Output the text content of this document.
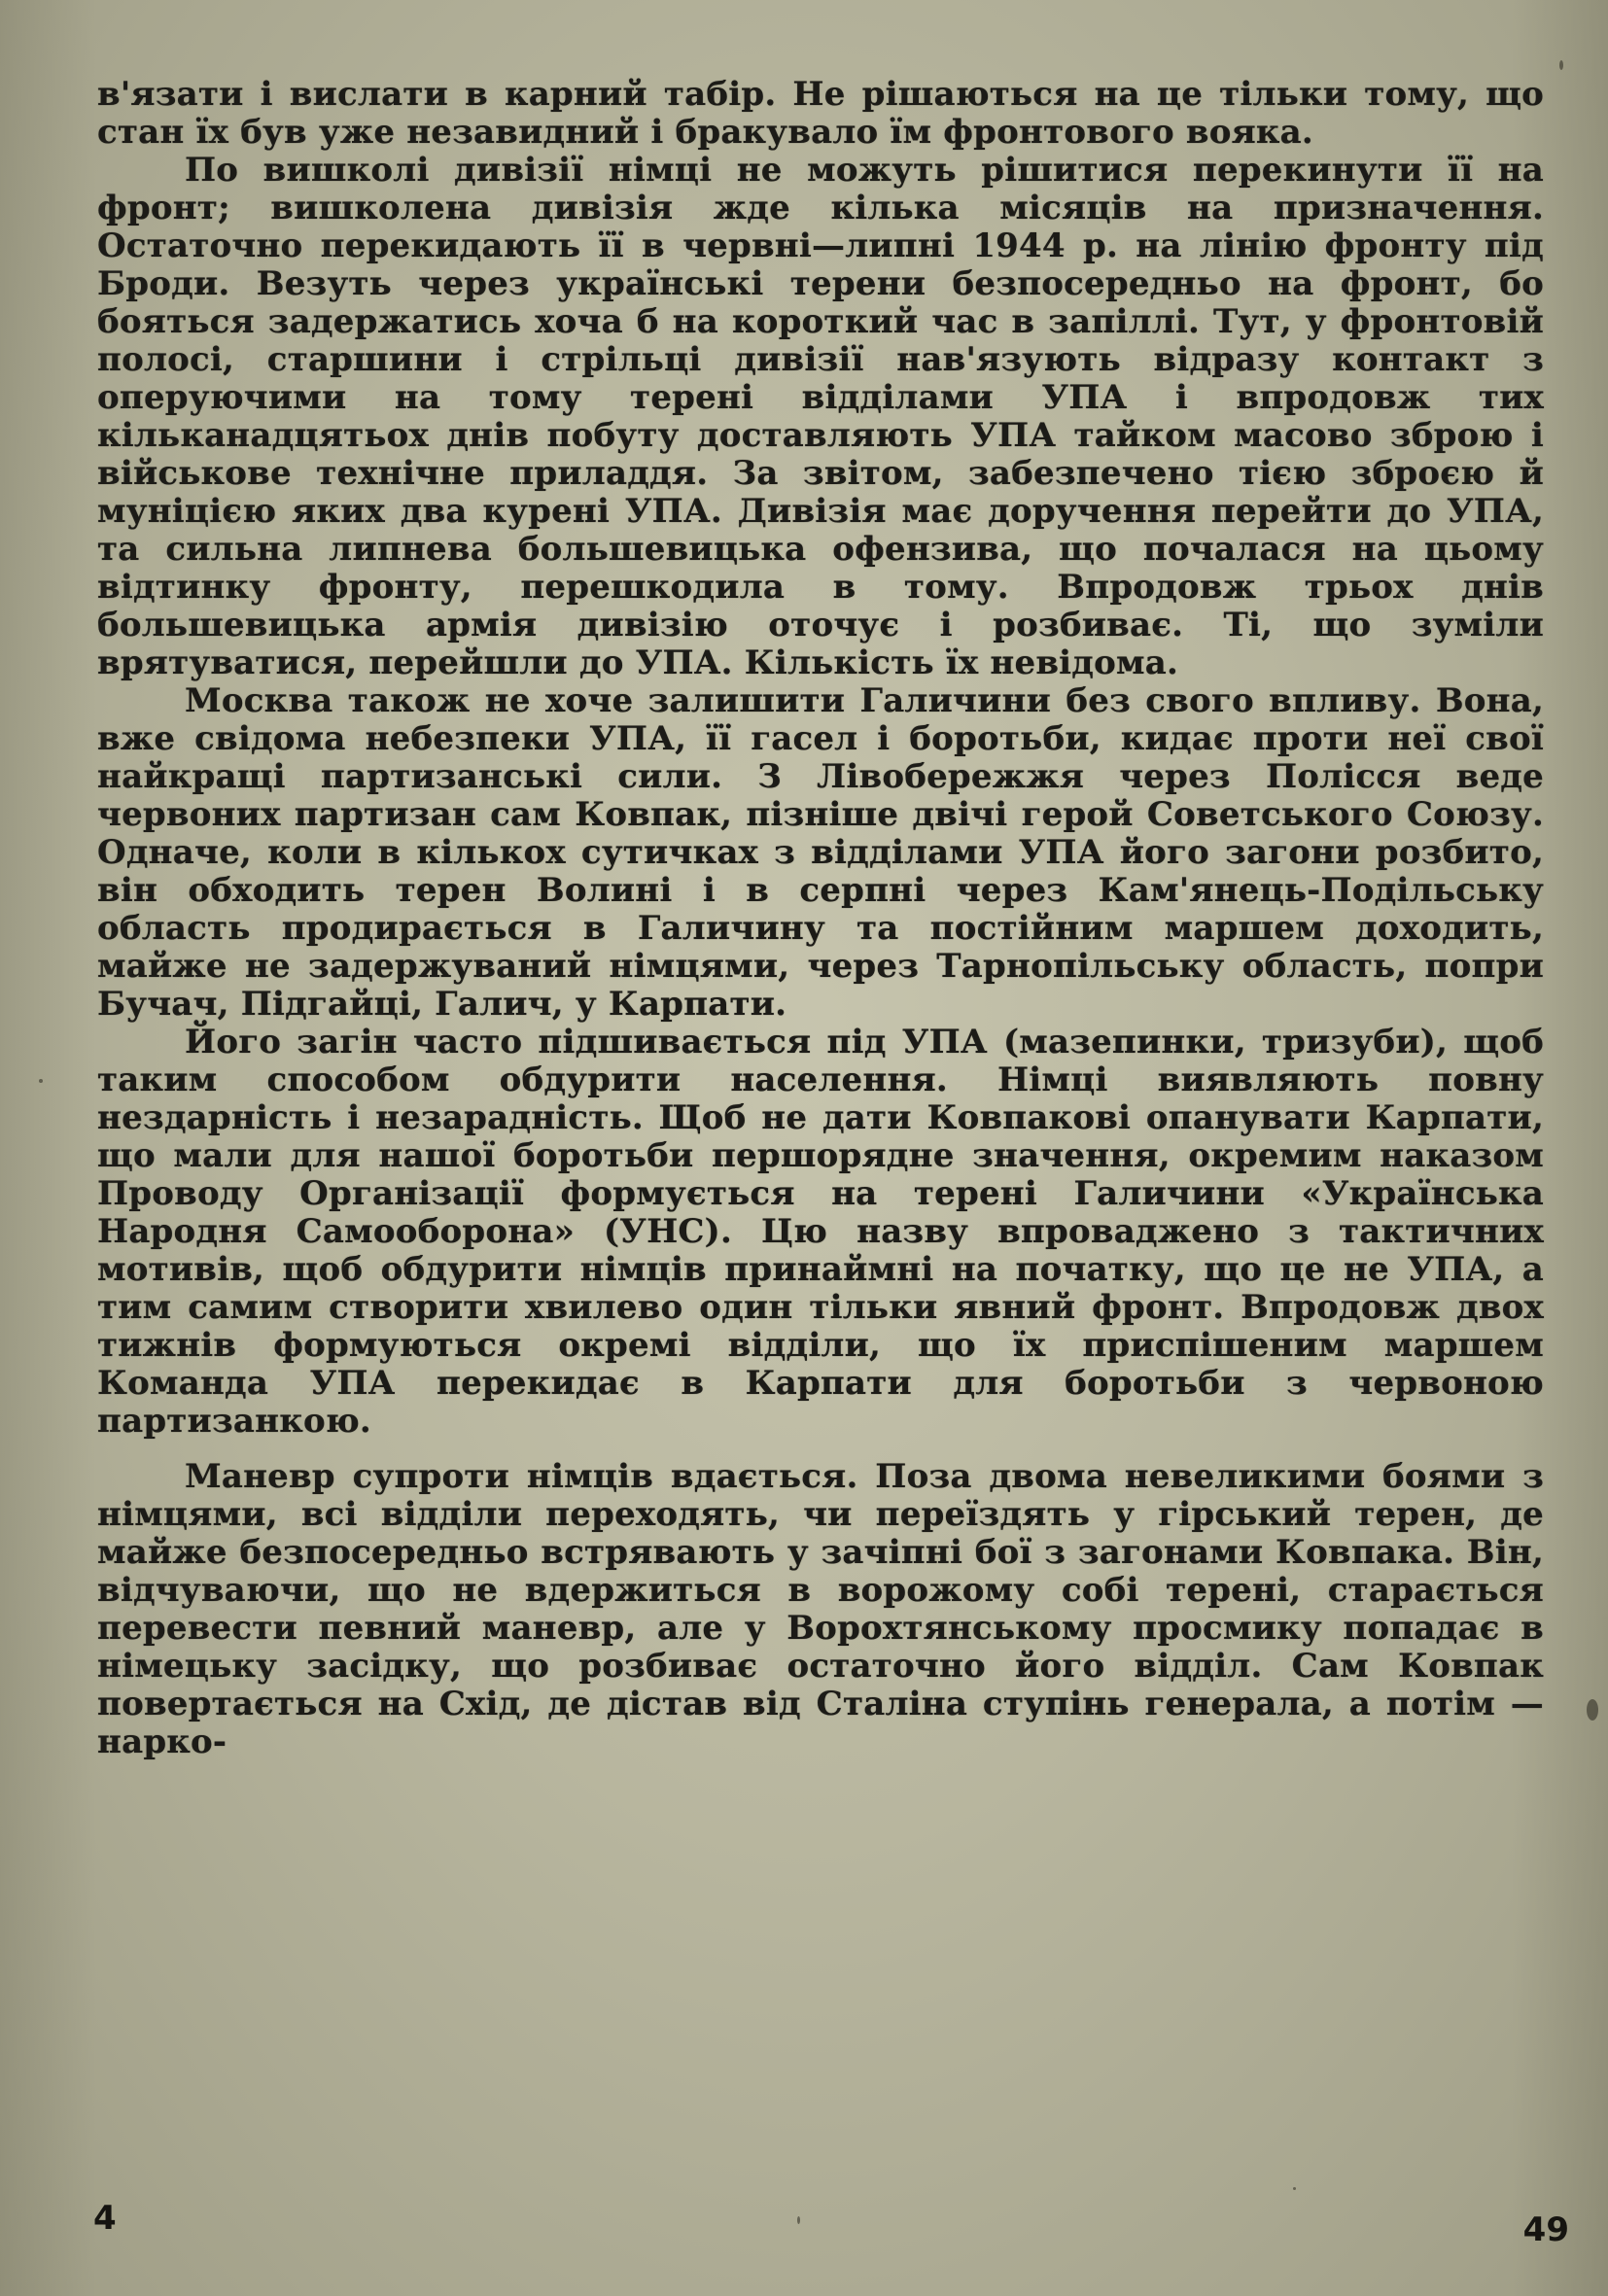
в'язати і вислати в карний табір. Не рішаються на це тільки тому, що стан їх був уже незавидний і бракувало їм фронтового вояка.

По вишколі дивізії німці не можуть рішитися перекинути її на фронт; вишколена дивізія жде кілька місяців на призначення. Остаточно перекидають її в червні—липні 1944 р. на лінію фронту під Броди. Везуть через українські терени безпосередньо на фронт, бо бояться задержатись хоча б на короткий час в запіллі. Тут, у фронтовій полосі, старшини і стрільці дивізії нав'язують відразу контакт з оперуючими на тому терені відділами УПА і впродовж тих кільканадцятьох днів побуту доставляють УПА тайком масово зброю і військове технічне приладдя. За звітом, забезпечено тією зброєю й муніцією яких два курені УПА. Дивізія має доручення перейти до УПА, та сильна липнева большевицька офензива, що почалася на цьому відтинку фронту, перешкодила в тому. Впродовж трьох днів большевицька армія дивізію оточує і розбиває. Ті, що зуміли врятуватися, перейшли до УПА. Кількість їх невідома.

Москва також не хоче залишити Галичини без свого впливу. Вона, вже свідома небезпеки УПА, її гасел і боротьби, кидає проти неї свої найкращі партизанські сили. З Лівобережжя через Полісся веде червоних партизан сам Ковпак, пізніше двічі герой Советського Союзу. Одначе, коли в кількох сутичках з відділами УПА його загони розбито, він обходить терен Волині і в серпні через Кам'янець-Подільську область продирається в Галичину та постійним маршем доходить, майже не задержуваний німцями, через Тарнопільську область, попри Бучач, Підгайці, Галич, у Карпати.

Його загін часто підшивається під УПА (мазепинки, тризуби), щоб таким способом обдурити населення. Німці виявляють повну нездарність і незарадність. Щоб не дати Ковпакові опанувати Карпати, що мали для нашої боротьби першорядне значення, окремим наказом Проводу Організації формується на терені Галичини «Українська Народня Самооборона» (УНС). Цю назву впроваджено з тактичних мотивів, щоб обдурити німців принаймні на початку, що це не УПА, а тим самим створити хвилево один тільки явний фронт. Впродовж двох тижнів формуються окремі відділи, що їх приспішеним маршем Команда УПА перекидає в Карпати для боротьби з червоною партизанкою.

Маневр супроти німців вдається. Поза двома невеликими боями з німцями, всі відділи переходять, чи переїздять у гірський терен, де майже безпосередньо встрявають у зачіпні бої з загонами Ковпака. Він, відчуваючи, що не вдержиться в ворожому собі терені, старається перевести певний маневр, але у Ворохтянському просмику попадає в німецьку засідку, що розбиває остаточно його відділ. Сам Ковпак повертається на Схід, де дістав від Сталіна ступінь генерала, а потім — нарко-

4	49
